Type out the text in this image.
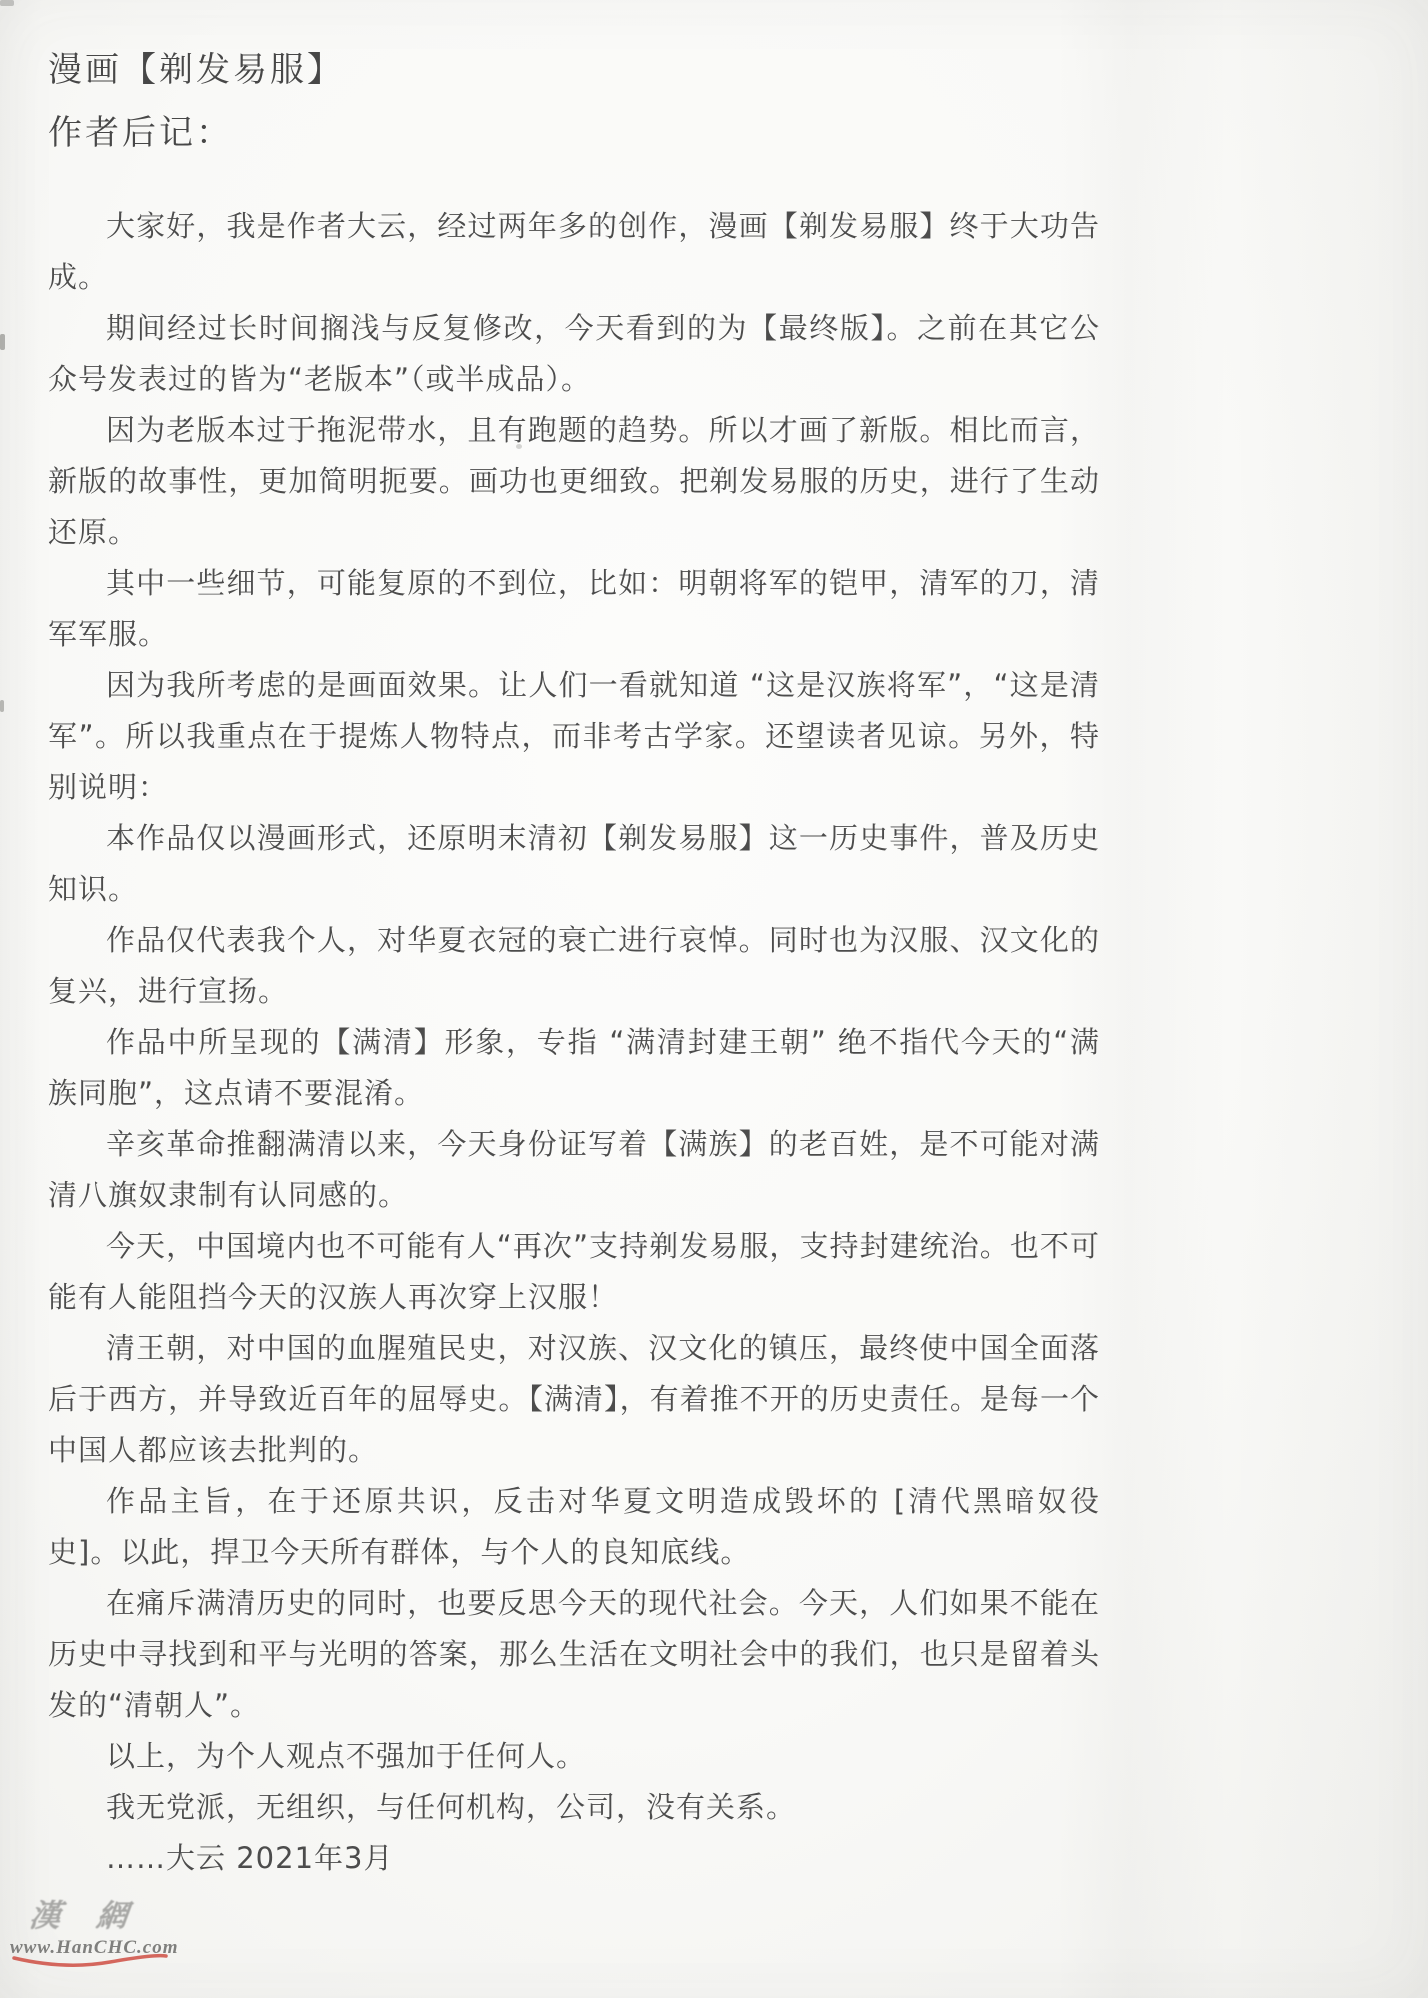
漫画【剃发易服】
作者后记：

大家好，我是作者大云，经过两年多的创作，漫画【剃发易服】终于大功告成。

期间经过长时间搁浅与反复修改，今天看到的为【最终版】。之前在其它公众号发表过的皆为“老版本”（或半成品）。

因为老版本过于拖泥带水，且有跑题的趋势。所以才画了新版。相比而言，新版的故事性，更加简明扼要。画功也更细致。把剃发易服的历史，进行了生动还原。

其中一些细节，可能复原的不到位，比如：明朝将军的铠甲，清军的刀，清军军服。

因为我所考虑的是画面效果。让人们一看就知道 “这是汉族将军”，“这是清军”。所以我重点在于提炼人物特点，而非考古学家。还望读者见谅。另外，特别说明：

本作品仅以漫画形式，还原明末清初【剃发易服】这一历史事件，普及历史知识。

作品仅代表我个人，对华夏衣冠的衰亡进行哀悼。同时也为汉服、汉文化的复兴，进行宣扬。

作品中所呈现的【满清】形象，专指 “满清封建王朝” 绝不指代今天的“满族同胞”，这点请不要混淆。

辛亥革命推翻满清以来，今天身份证写着【满族】的老百姓，是不可能对满清八旗奴隶制有认同感的。

今天，中国境内也不可能有人“再次”支持剃发易服，支持封建统治。也不可能有人能阻挡今天的汉族人再次穿上汉服！

清王朝，对中国的血腥殖民史，对汉族、汉文化的镇压，最终使中国全面落后于西方，并导致近百年的屈辱史。【满清】，有着推不开的历史责任。是每一个中国人都应该去批判的。

作品主旨，在于还原共识，反击对华夏文明造成毁坏的 [清代黑暗奴役史]。以此，捍卫今天所有群体，与个人的良知底线。

在痛斥满清历史的同时，也要反思今天的现代社会。今天，人们如果不能在历史中寻找到和平与光明的答案，那么生活在文明社会中的我们，也只是留着头发的“清朝人”。

以上，为个人观点不强加于任何人。

我无党派，无组织，与任何机构，公司，没有关系。

……大云 2021年3月

漢網
www.HanCHC.com
